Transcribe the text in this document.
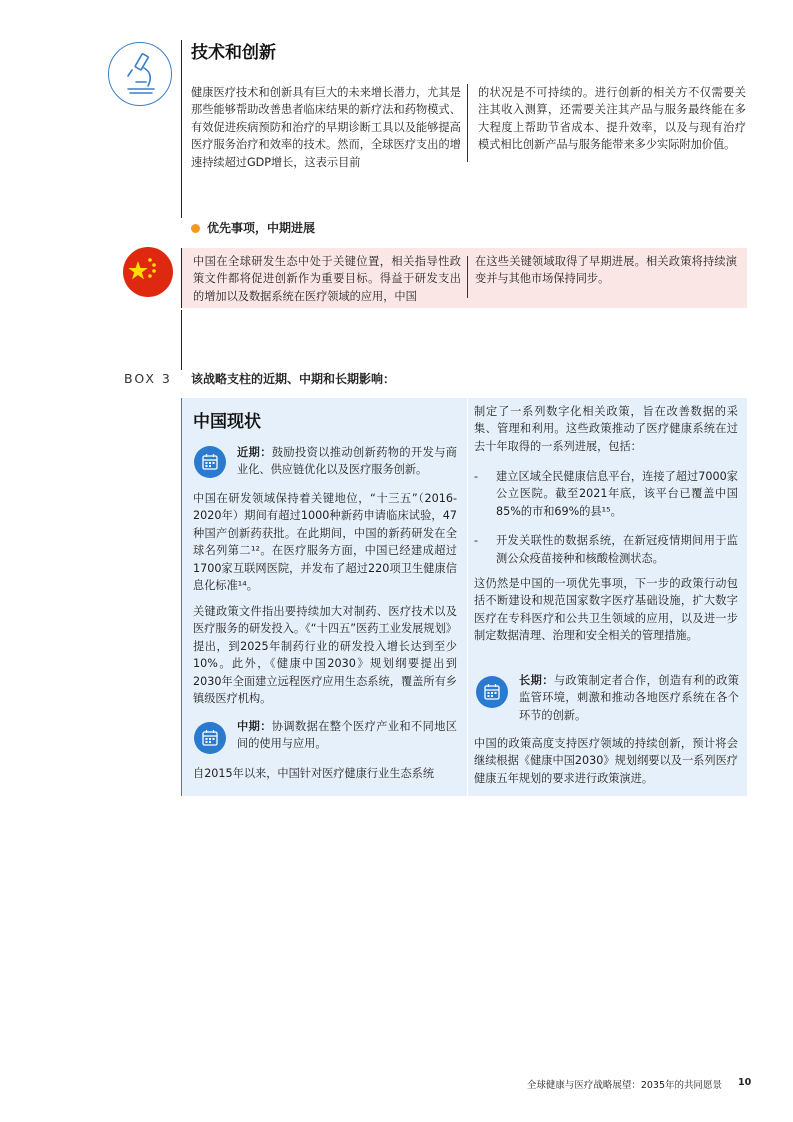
技术和创新
健康医疗技术和创新具有巨大的未来增长潜力，尤其是那些能够帮助改善患者临床结果的新疗法和药物模式、有效促进疾病预防和治疗的早期诊断工具以及能够提高医疗服务治疗和效率的技术。然而，全球医疗支出的增速持续超过GDP增长，这表示目前
的状况是不可持续的。进行创新的相关方不仅需要关注其收入测算，还需要关注其产品与服务最终能在多大程度上帮助节省成本、提升效率，以及与现有治疗模式相比创新产品与服务能带来多少实际附加价值。
优先事项，中期进展
中国在全球研发生态中处于关键位置，相关指导性政策文件都将促进创新作为重要目标。得益于研发支出的增加以及数据系统在医疗领域的应用，中国
在这些关键领域取得了早期进展。相关政策将持续演变并与其他市场保持同步。
BOX 3 该战略支柱的近期、中期和长期影响：
中国现状
近期：鼓励投资以推动创新药物的开发与商业化、供应链优化以及医疗服务创新。
中国在研发领域保持着关键地位，“十三五”（2016-2020年）期间有超过1000种新药申请临床试验，47种国产创新药获批。在此期间，中国的新药研发在全球名列第二¹²。在医疗服务方面，中国已经建成超过1700家互联网医院，并发布了超过220项卫生健康信息化标准¹⁴。
关键政策文件指出要持续加大对制药、医疗技术以及医疗服务的研发投入。《“十四五”医药工业发展规划》提出，到2025年制药行业的研发投入增长达到至少10%。此外，《健康中国2030》规划纲要提出到2030年全面建立远程医疗应用生态系统，覆盖所有乡镇级医疗机构。
中期：协调数据在整个医疗产业和不同地区间的使用与应用。
自2015年以来，中国针对医疗健康行业生态系统
制定了一系列数字化相关政策，旨在改善数据的采集、管理和利用。这些政策推动了医疗健康系统在过去十年取得的一系列进展，包括：
- 建立区域全民健康信息平台，连接了超过7000家公立医院。截至2021年底，该平台已覆盖中国85%的市和69%的县¹⁵。
- 开发关联性的数据系统，在新冠疫情期间用于监测公众疫苗接种和核酸检测状态。
这仍然是中国的一项优先事项，下一步的政策行动包括不断建设和规范国家数字医疗基础设施，扩大数字医疗在专科医疗和公共卫生领域的应用，以及进一步制定数据清理、治理和安全相关的管理措施。
长期：与政策制定者合作，创造有利的政策监管环境，刺激和推动各地医疗系统在各个环节的创新。
中国的政策高度支持医疗领域的持续创新，预计将会继续根据《健康中国2030》规划纲要以及一系列医疗健康五年规划的要求进行政策演进。
全球健康与医疗战略展望：2035年的共同愿景 10
